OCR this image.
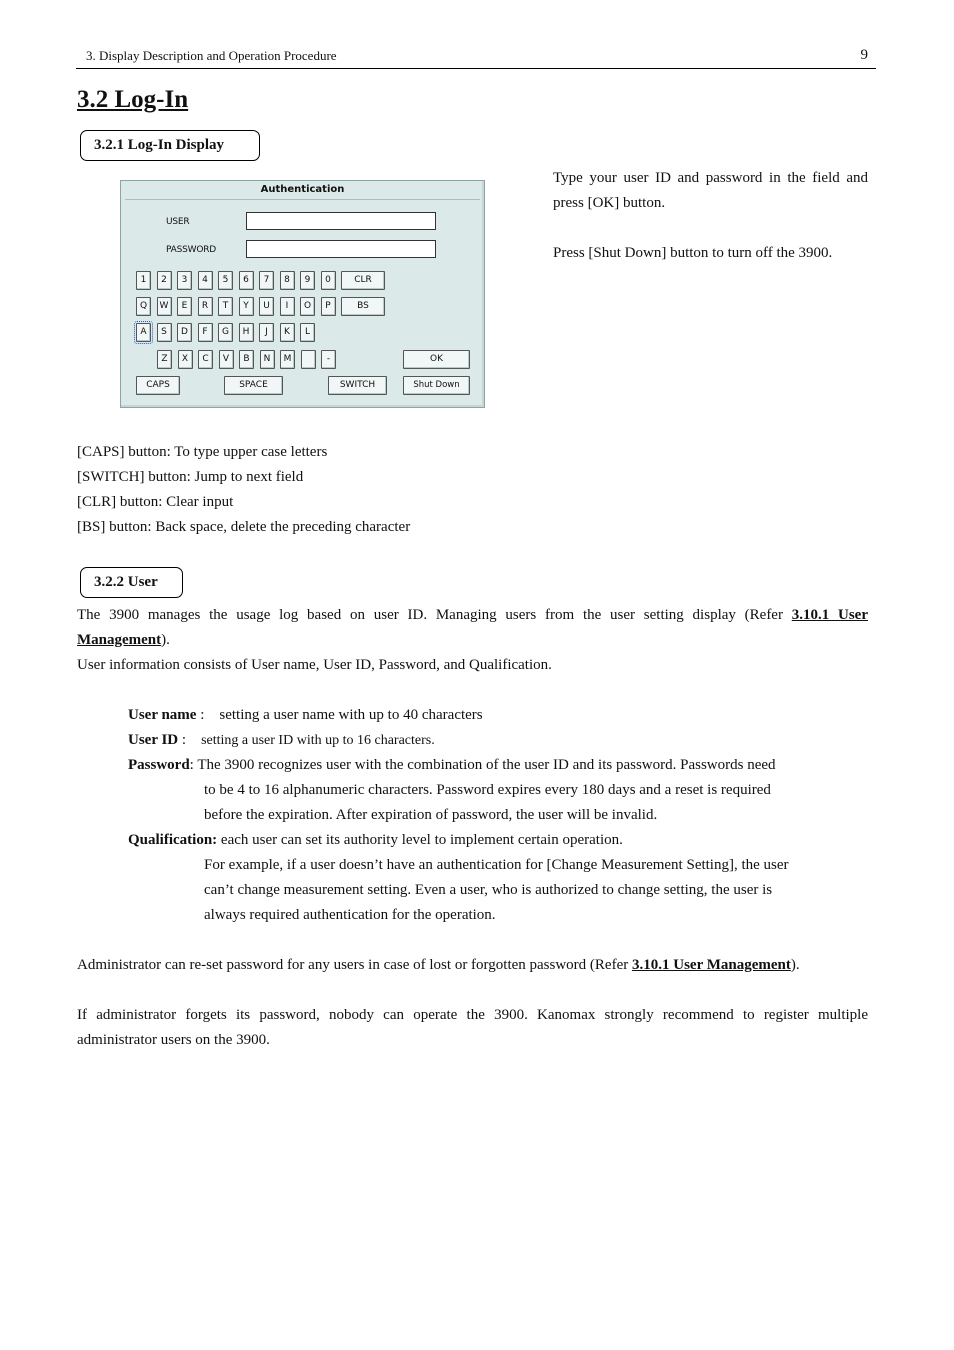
3. Display Description and Operation Procedure	9
3.2 Log-In
3.2.1 Log-In Display
Authentication
USER
PASSWORD
1	2	3	4	5	6	7	8	9	0
Q	W	E	R	T	Y	U	I	O	P
A	S	D	F	G	H	J	K	L
Z	X	C	V	B	N	M	-
CLR
BS
OK
CAPS	SPACE	SWITCH	Shut Down
Type your user ID and password in the field and press [OK] button.
Press [Shut Down] button to turn off the 3900.
[CAPS] button: To type upper case letters
[SWITCH] button: Jump to next field
[CLR] button: Clear input
[BS] button: Back space, delete the preceding character
3.2.2 User
The 3900 manages the usage log based on user ID. Managing users from the user setting display (Refer 3.10.1 User Management).
User information consists of User name, User ID, Password, and Qualification.
User name :    setting a user name with up to 40 characters
User ID :    setting a user ID with up to 16 characters.
Password: The 3900 recognizes user with the combination of the user ID and its password. Passwords need
to be 4 to 16 alphanumeric characters. Password expires every 180 days and a reset is required
before the expiration. After expiration of password, the user will be invalid.
Qualification: each user can set its authority level to implement certain operation.
For example, if a user doesn’t have an authentication for [Change Measurement Setting], the user
can’t change measurement setting. Even a user, who is authorized to change setting, the user is
always required authentication for the operation.
Administrator can re-set password for any users in case of lost or forgotten password (Refer 3.10.1 User Management).
If administrator forgets its password, nobody can operate the 3900. Kanomax strongly recommend to register multiple administrator users on the 3900.
